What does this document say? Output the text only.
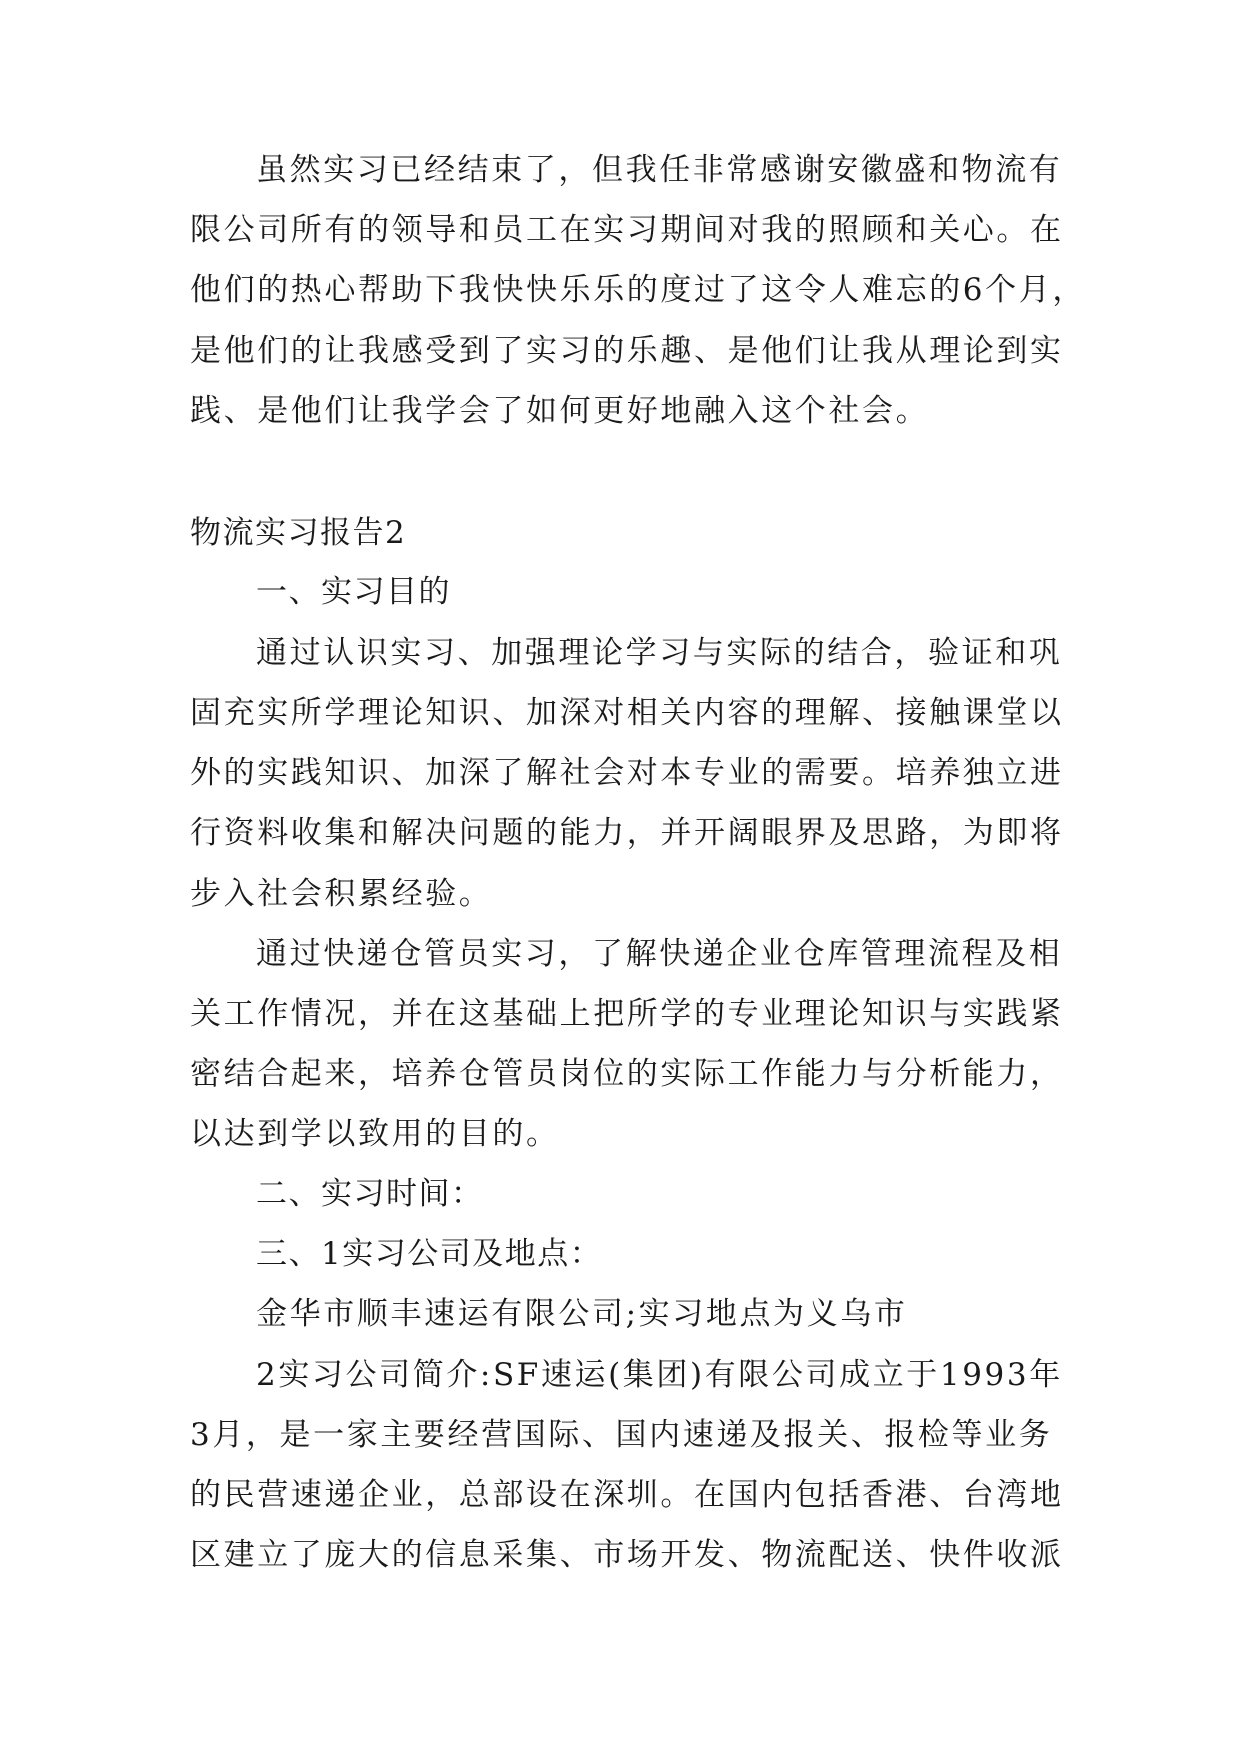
虽然实习已经结束了，但我任非常感谢安徽盛和物流有
限公司所有的领导和员工在实习期间对我的照顾和关心。在
他们的热心帮助下我快快乐乐的度过了这令人难忘的6个月，
是他们的让我感受到了实习的乐趣、是他们让我从理论到实
践、是他们让我学会了如何更好地融入这个社会。
物流实习报告2
一、实习目的
通过认识实习、加强理论学习与实际的结合，验证和巩
固充实所学理论知识、加深对相关内容的理解、接触课堂以
外的实践知识、加深了解社会对本专业的需要。培养独立进
行资料收集和解决问题的能力，并开阔眼界及思路，为即将
步入社会积累经验。
通过快递仓管员实习，了解快递企业仓库管理流程及相
关工作情况，并在这基础上把所学的专业理论知识与实践紧
密结合起来，培养仓管员岗位的实际工作能力与分析能力，
以达到学以致用的目的。
二、实习时间：
三、1实习公司及地点：
金华市顺丰速运有限公司;实习地点为义乌市
2实习公司简介:SF速运(集团)有限公司成立于1993年
3月，是一家主要经营国际、国内速递及报关、报检等业务
的民营速递企业，总部设在深圳。在国内包括香港、台湾地
区建立了庞大的信息采集、市场开发、物流配送、快件收派
